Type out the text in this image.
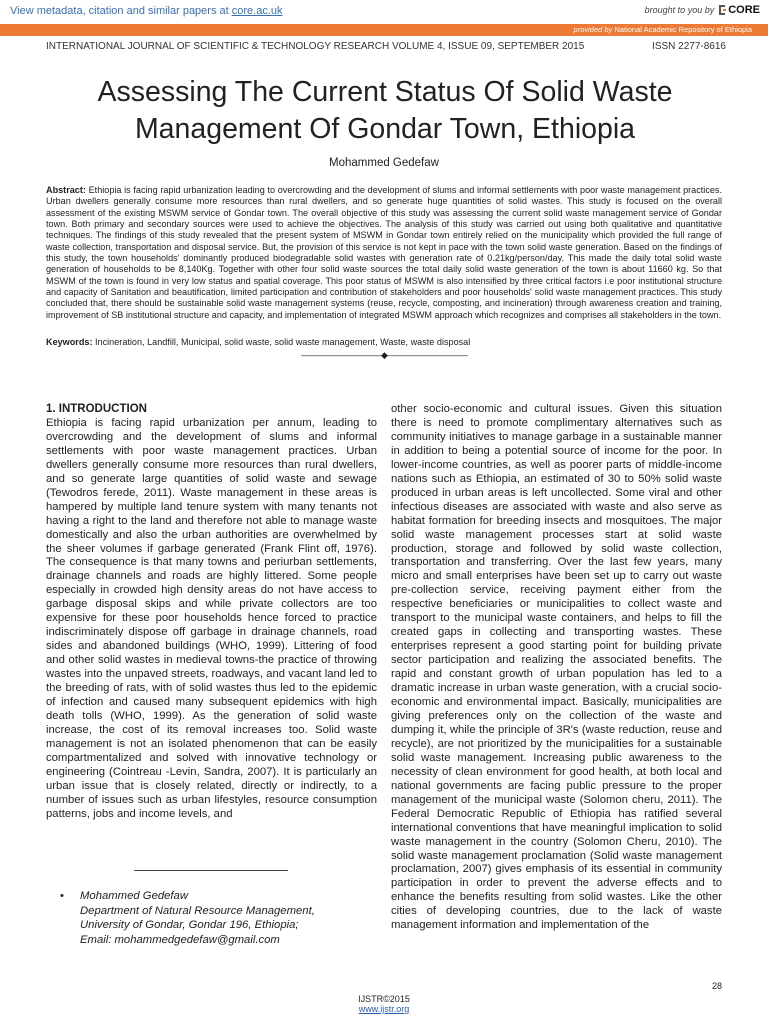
View metadata, citation and similar papers at core.ac.uk	brought to you by CORE
provided by National Academic Repository of Ethiopia
INTERNATIONAL JOURNAL OF SCIENTIFIC & TECHNOLOGY RESEARCH VOLUME 4, ISSUE 09, SEPTEMBER 2015	ISSN 2277-8616
Assessing The Current Status Of Solid Waste
Management Of Gondar Town, Ethiopia
Mohammed Gedefaw

Abstract: Ethiopia is facing rapid urbanization leading to overcrowding and the development of slums and informal settlements with poor waste management practices. Urban dwellers generally consume more resources than rural dwellers, and so generate huge quantities of solid wastes. This study is focused on the overall assessment of the existing MSWM service of Gondar town. The overall objective of this study was assessing the current solid waste management service of Gondar town. Both primary and secondary sources were used to achieve the objectives. The analysis of this study was carried out using both qualitative and quantitative techniques. The findings of this study revealed that the present system of MSWM in Gondar town entirely relied on the municipality which provided the full range of waste collection, transportation and disposal service. But, the provision of this service is not kept in pace with the town solid waste generation. Based on the findings of this study, the town households' dominantly produced biodegradable solid wastes with generation rate of 0.21kg/person/day. This made the daily total solid waste generation of households to be 8,140Kg. Together with other four solid waste sources the total daily solid waste generation of the town is about 11660 kg. So that MSWM of the town is found in very low status and spatial coverage. This poor status of MSWM is also intensified by three critical factors i.e poor institutional structure and capacity of Sanitation and beautification, limited participation and contribution of stakeholders and poor households' solid waste management practices. This study concluded that, there should be sustainable solid waste management systems (reuse, recycle, composting, and incineration) through awareness creation and training, improvement of SB institutional structure and capacity, and implementation of integrated MSWM approach which recognizes and comprises all stakeholders in the town.

Keywords: Incineration, Landfill, Municipal, solid waste, solid waste management, Waste, waste disposal
——————————◆——————————
1. INTRODUCTION

Ethiopia is facing rapid urbanization per annum, leading to overcrowding and the development of slums and informal settlements with poor waste management practices. Urban dwellers generally consume more resources than rural dwellers, and so generate large quantities of solid waste and sewage (Tewodros ferede, 2011). Waste management in these areas is hampered by multiple land tenure system with many tenants not having a right to the land and therefore not able to manage waste domestically and also the urban authorities are overwhelmed by the sheer volumes if garbage generated (Frank Flint off, 1976). The consequence is that many towns and periurban settlements, drainage channels and roads are highly littered. Some people especially in crowded high density areas do not have access to garbage disposal skips and while private collectors are too expensive for these poor households hence forced to practice indiscriminately dispose off garbage in drainage channels, road sides and abandoned buildings (WHO, 1999). Littering of food and other solid wastes in medieval towns-the practice of throwing wastes into the unpaved streets, roadways, and vacant land led to the breeding of rats, with of solid wastes thus led to the epidemic of infection and caused many subsequent epidemics with high death tolls (WHO, 1999). As the generation of solid waste increase, the cost of its removal increases too. Solid waste management is not an isolated phenomenon that can be easily compartmentalized and solved with innovative technology or engineering (Cointreau -Levin, Sandra, 2007). It is particularly an urban issue that is closely related, directly or indirectly, to a number of issues such as urban lifestyles, resource consumption patterns, jobs and income levels, and

other socio-economic and cultural issues. Given this situation there is need to promote complimentary alternatives such as community initiatives to manage garbage in a sustainable manner in addition to being a potential source of income for the poor. In lower-income countries, as well as poorer parts of middle-income nations such as Ethiopia, an estimated of 30 to 50% solid waste produced in urban areas is left uncollected. Some viral and other infectious diseases are associated with waste and also serve as habitat formation for breeding insects and mosquitoes. The major solid waste management processes start at solid waste production, storage and followed by solid waste collection, transportation and transferring. Over the last few years, many micro and small enterprises have been set up to carry out waste pre-collection service, receiving payment either from the respective beneficiaries or municipalities to collect waste and transport to the municipal waste containers, and helps to fill the created gaps in collecting and transporting wastes. These enterprises represent a good starting point for building private sector participation and realizing the associated benefits. The rapid and constant growth of urban population has led to a dramatic increase in urban waste generation, with a crucial socio-economic and environmental impact. Basically, municipalities are giving preferences only on the collection of the waste and dumping it, while the principle of 3R's (waste reduction, reuse and recycle), are not prioritized by the municipalities for a sustainable solid waste management. Increasing public awareness to the necessity of clean environment for good health, at both local and national governments are facing public pressure to the proper management of the municipal waste (Solomon cheru, 2011). The Federal Democratic Republic of Ethiopia has ratified several international conventions that have meaningful implication to solid waste management in the country (Solomon Cheru, 2010). The solid waste management proclamation (Solid waste management proclamation, 2007) gives emphasis of its essential in community participation in order to prevent the adverse effects and to enhance the benefits resulting from solid wastes. Like the other cities of developing countries, due to the lack of waste management information and implementation of the

• Mohammed Gedefaw
Department of Natural Resource Management,
University of Gondar, Gondar 196, Ethiopia;
Email: mohammedgedefaw@gmail.com
28
IJSTR©2015
www.ijstr.org
